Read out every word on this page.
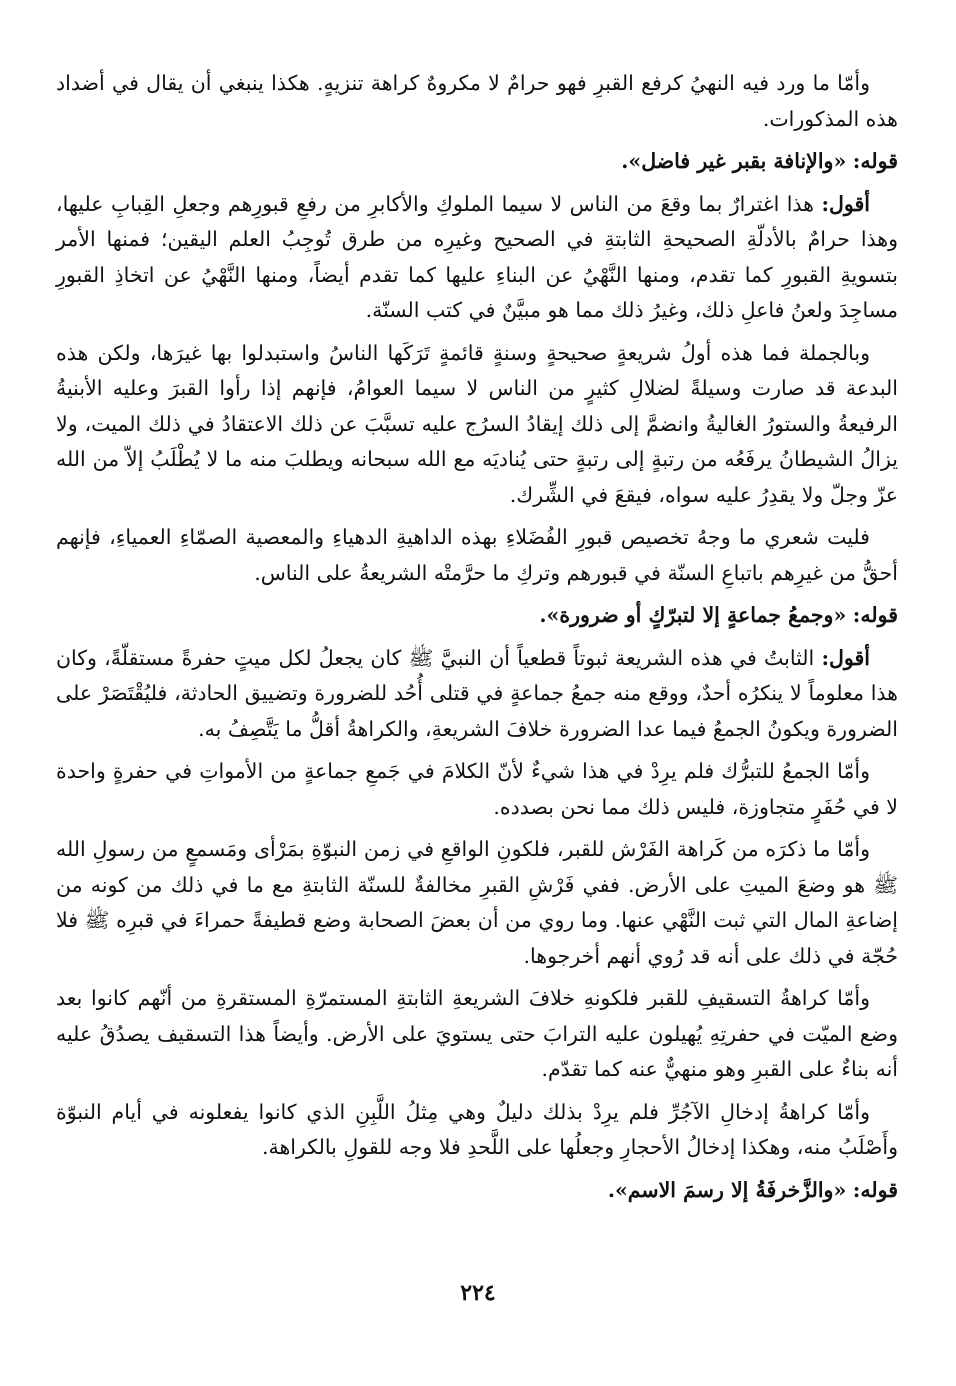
وأمّا ما ورد فيه النهيُ كرفع القبرِ فهو حرامٌ لا مكروهٌ كراهة تنزيهٍ. هكذا ينبغي أن يقال في أضداد هذه المذكورات.

قوله: «والإنافة بقبر غير فاضل».

أقول: هذا اغترارٌ بما وقعَ من الناس لا سيما الملوكِ والأكابرِ من رفعِ قبورِهم وجعلِ القِبابِ عليها، وهذا حرامٌ بالأدلّةِ الصحيحةِ الثابتةِ في الصحيح وغيرِه من طرق تُوجِبُ العلم اليقين؛ فمنها الأمر بتسويةِ القبورِ كما تقدم، ومنها النَّهْيُ عن البناءِ عليها كما تقدم أيضاً، ومنها النَّهْيُ عن اتخاذِ القبورِ مساجِدَ ولعنُ فاعلِ ذلك، وغيرُ ذلك مما هو مبيَّنٌ في كتب السنّة.

وبالجملة فما هذه أولُ شريعةٍ صحيحةٍ وسنةٍ قائمةٍ تَرَكَها الناسُ واستبدلوا بها غيرَها، ولكن هذه البدعة قد صارت وسيلةً لضلالِ كثيرٍ من الناس لا سيما العوامُ، فإنهم إذا رأوا القبرَ وعليه الأبنيةُ الرفيعةُ والستورُ الغاليةُ وانضمَّ إلى ذلك إيقادُ السرُج عليه تسبَّبَ عن ذلك الاعتقادُ في ذلك الميت، ولا يزالُ الشيطانُ يرفَعُه من رتبةٍ إلى رتبةٍ حتى يُناديَه مع الله سبحانه ويطلبَ منه ما لا يُطْلَبُ إلاّ من الله عزّ وجلّ ولا يقدِرُ عليه سواه، فيقعَ في الشِّرك.

فليت شعري ما وجهُ تخصيص قبورِ الفُضَلاءِ بهذه الداهيةِ الدهياءِ والمعصية الصمّاءِ العمياءِ، فإنهم أحقُّ من غيرِهم باتباعِ السنّة في قبورهم وتركِ ما حرَّمتْه الشريعةُ على الناس.

قوله: «وجمعُ جماعةٍ إلا لتبرّكٍ أو ضرورة».

أقول: الثابتُ في هذه الشريعة ثبوتاً قطعياً أن النبيَّ ﷺ كان يجعلُ لكل ميتٍ حفرةً مستقلّةً، وكان هذا معلوماً لا ينكرُه أحدٌ، ووقع منه جمعُ جماعةٍ في قتلى أُحُد للضرورة وتضييق الحادثة، فليُقْتَصَرْ على الضرورة ويكونُ الجمعُ فيما عدا الضرورة خلافَ الشريعةِ، والكراهةُ أقلُّ ما يَتَّصِفُ به.

وأمّا الجمعُ للتبرُّك فلم يرِدْ في هذا شيءٌ لأنّ الكلامَ في جَمعِ جماعةٍ من الأمواتِ في حفرةٍ واحدة لا في حُفَرٍ متجاوزة، فليس ذلك مما نحن بصدده.

وأمّا ما ذكرَه من كَراهة الفَرْش للقبر، فلكونِ الواقعِ في زمن النبوّةِ بمَرْأى ومَسمعٍ من رسولِ الله ﷺ هو وضعَ الميتِ على الأرض. ففي فَرْشِ القبرِ مخالفةٌ للسنّة الثابتةِ مع ما في ذلك من كونه من إضاعةِ المال التي ثبت النَّهْي عنها. وما روي من أن بعضَ الصحابة وضع قطيفةً حمراءَ في قبرِه ﷺ فلا حُجّة في ذلك على أنه قد رُوي أنهم أخرجوها.

وأمّا كراهةُ التسقيفِ للقبر فلكونهِ خلافَ الشريعةِ الثابتةِ المستمرّةِ المستقرةِ من أنّهم كانوا بعد وضع الميّت في حفرتِهِ يُهيلون عليه الترابَ حتى يستويَ على الأرض. وأيضاً هذا التسقيف يصدُقُ عليه أنه بناءٌ على القبرِ وهو منهيٌّ عنه كما تقدّم.

وأمّا كراهةُ إدخالِ الآجُرِّ فلم يرِدْ بذلك دليلٌ وهي مِثلُ اللَّبِنِ الذي كانوا يفعلونه في أيام النبوّة وأَصْلَبُ منه، وهكذا إدخالُ الأحجارِ وجعلُها على اللَّحدِ فلا وجه للقولِ بالكراهة.

قوله: «والزَّخرفَةُ إلا رسمَ الاسم».

٢٢٤
